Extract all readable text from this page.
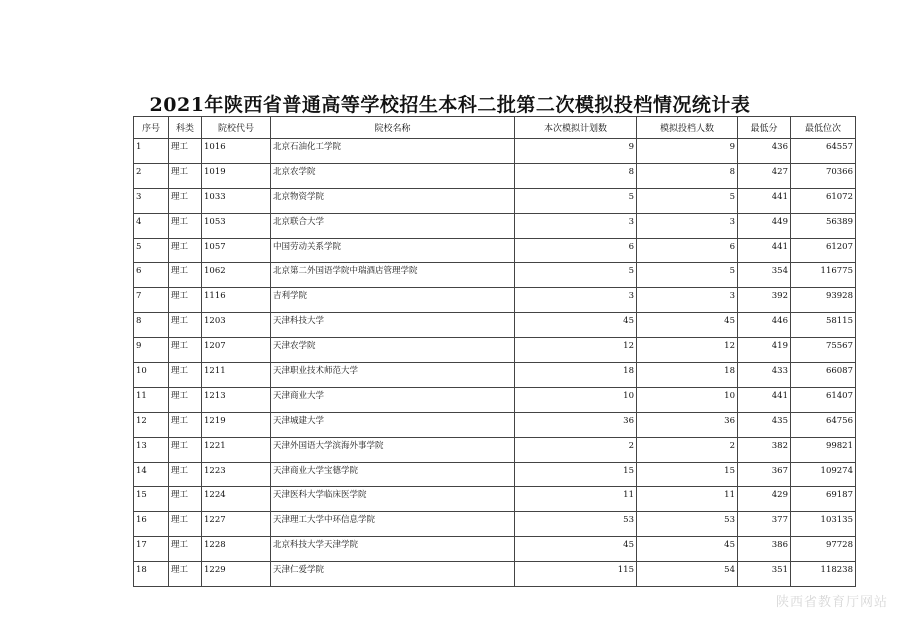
2021年陕西省普通高等学校招生本科二批第二次模拟投档情况统计表
序号	科类	院校代号	院校名称	本次模拟计划数	模拟投档人数	最低分	最低位次
1	理工	1016	北京石油化工学院	9	9	436	64557
2	理工	1019	北京农学院	8	8	427	70366
3	理工	1033	北京物资学院	5	5	441	61072
4	理工	1053	北京联合大学	3	3	449	56389
5	理工	1057	中国劳动关系学院	6	6	441	61207
6	理工	1062	北京第二外国语学院中瑞酒店管理学院	5	5	354	116775
7	理工	1116	吉利学院	3	3	392	93928
8	理工	1203	天津科技大学	45	45	446	58115
9	理工	1207	天津农学院	12	12	419	75567
10	理工	1211	天津职业技术师范大学	18	18	433	66087
11	理工	1213	天津商业大学	10	10	441	61407
12	理工	1219	天津城建大学	36	36	435	64756
13	理工	1221	天津外国语大学滨海外事学院	2	2	382	99821
14	理工	1223	天津商业大学宝德学院	15	15	367	109274
15	理工	1224	天津医科大学临床医学院	11	11	429	69187
16	理工	1227	天津理工大学中环信息学院	53	53	377	103135
17	理工	1228	北京科技大学天津学院	45	45	386	97728
18	理工	1229	天津仁爱学院	115	54	351	118238
陕西省教育厅网站
